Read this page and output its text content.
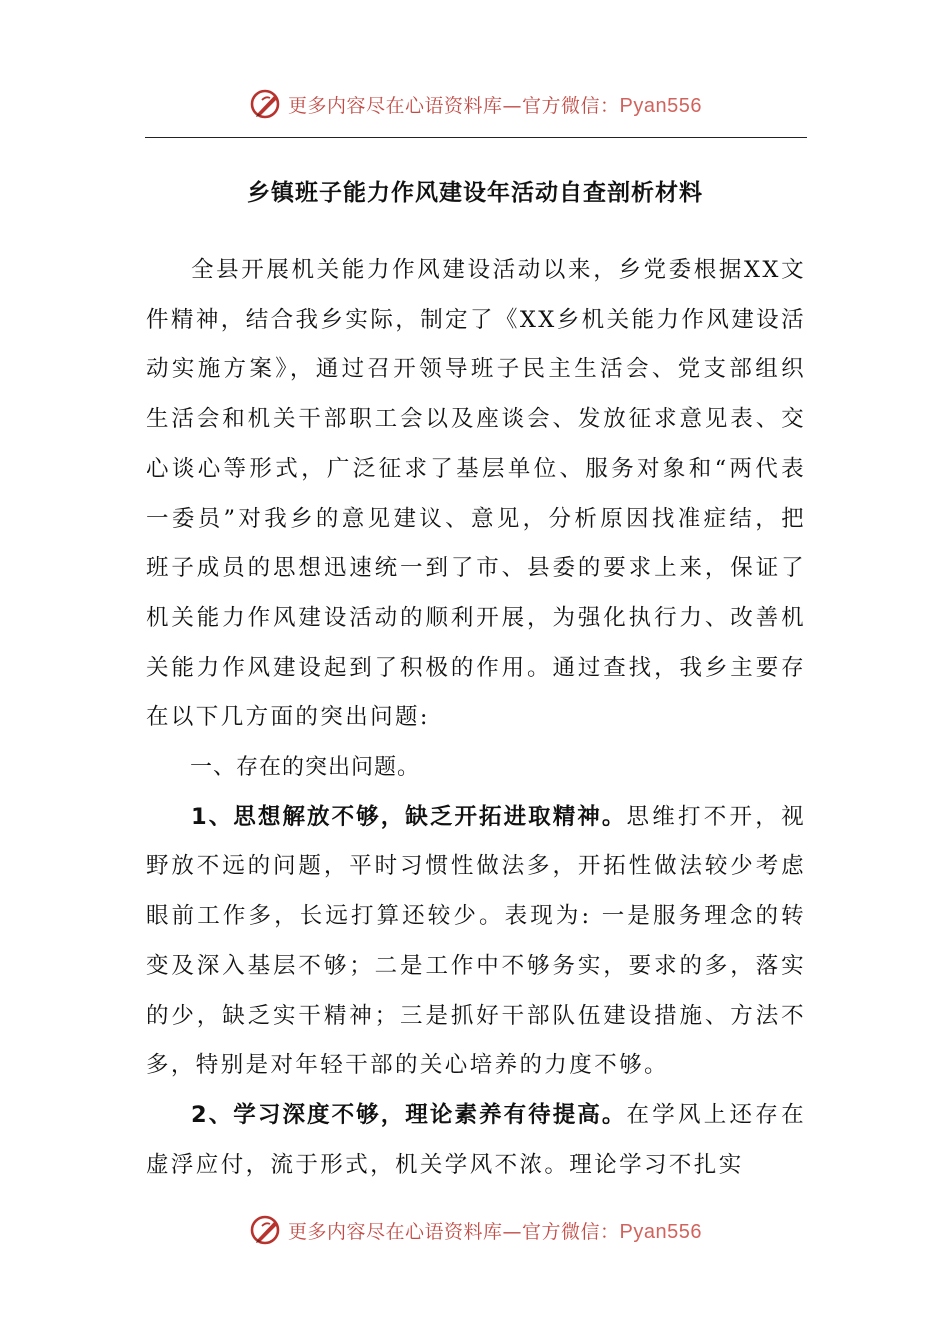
更多内容尽在心语资料库—官方微信：Pyan556
乡镇班子能力作风建设年活动自查剖析材料

全县开展机关能力作风建设活动以来，乡党委根据XX文件精神，结合我乡实际，制定了《XX乡机关能力作风建设活动实施方案》，通过召开领导班子民主生活会、党支部组织生活会和机关干部职工会以及座谈会、发放征求意见表、交心谈心等形式，广泛征求了基层单位、服务对象和“两代表一委员”对我乡的意见建议、意见，分析原因找准症结，把班子成员的思想迅速统一到了市、县委的要求上来，保证了机关能力作风建设活动的顺利开展，为强化执行力、改善机关能力作风建设起到了积极的作用。通过查找，我乡主要存在以下几方面的突出问题:

一、存在的突出问题。

1、思想解放不够，缺乏开拓进取精神。思维打不开，视野放不远的问题，平时习惯性做法多，开拓性做法较少考虑眼前工作多，长远打算还较少。表现为: 一是服务理念的转变及深入基层不够；二是工作中不够务实，要求的多，落实的少，缺乏实干精神；三是抓好干部队伍建设措施、方法不多，特别是对年轻干部的关心培养的力度不够。

2、学习深度不够，理论素养有待提高。在学风上还存在虚浮应付，流于形式，机关学风不浓。理论学习不扎实

更多内容尽在心语资料库—官方微信：Pyan556
